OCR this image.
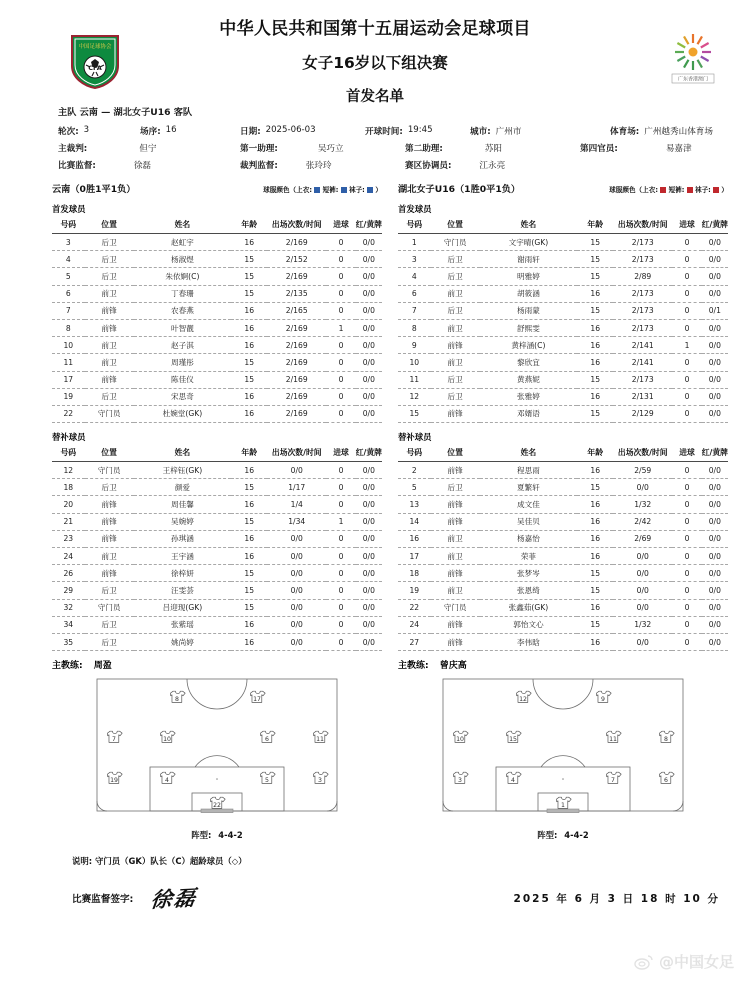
中国足球协会
CFA
广东香港澳门
中华人民共和国第十五届运动会足球项目
女子16岁以下组决赛
首发名单
主队 云南 — 湖北女子U16 客队
轮次: 3	场序: 16	日期: 2025-06-03	开球时间: 19:45	城市: 广州市	体育场: 广州越秀山体育场
主裁判:	但宁	第一助理:	吴巧立	第二助理:	苏阳	第四官员:	易嘉津
比赛监督:	徐磊	裁判监督:	张玲玲	赛区协调员:	江永亮
云南（0胜1平1负）	球服颜色（上衣: 短裤: 袜子: ）
首发球员
号码	位置	姓名	年龄	出场次数/时间	进球	红/黄牌
3	后卫	赵虹宇	16	2/169	0	0/0
4	后卫	杨淑煜	15	2/152	0	0/0
5	后卫	朱依婀(C)	15	2/169	0	0/0
6	前卫	丁春珊	15	2/135	0	0/0
7	前锋	农春燕	16	2/165	0	0/0
8	前锋	叶智靓	16	2/169	1	0/0
10	前卫	赵子淇	16	2/169	0	0/0
11	前卫	周瑾彤	15	2/169	0	0/0
17	前锋	陈佳仪	15	2/169	0	0/0
19	后卫	宋思奇	16	2/169	0	0/0
22	守门员	杜婉堂(GK)	16	2/169	0	0/0
替补球员
号码	位置	姓名	年龄	出场次数/时间	进球	红/黄牌
12	守门员	王梓钰(GK)	16	0/0	0	0/0
18	后卫	颜爱	15	1/17	0	0/0
20	前锋	周佳馨	16	1/4	0	0/0
21	前锋	吴婉婷	15	1/34	1	0/0
23	前锋	孙琪涵	16	0/0	0	0/0
24	前卫	王宇涵	16	0/0	0	0/0
26	前锋	徐梓妍	15	0/0	0	0/0
29	后卫	汪雯荟	15	0/0	0	0/0
32	守门员	吕迎现(GK)	15	0/0	0	0/0
34	后卫	张紫瑶	16	0/0	0	0/0
35	后卫	姚尚婷	16	0/0	0	0/0
主教练: 周盈
湖北女子U16（1胜0平1负）	球服颜色（上衣: 短裤: 袜子: ）
首发球员
号码	位置	姓名	年龄	出场次数/时间	进球	红/黄牌
1	守门员	文宇晴(GK)	15	2/173	0	0/0
3	后卫	谢雨轩	15	2/173	0	0/0
4	后卫	明雅婷	15	2/89	0	0/0
6	前卫	胡筱涵	16	2/173	0	0/0
7	后卫	杨雨蒙	15	2/173	0	0/1
8	前卫	舒熙雯	16	2/173	0	0/0
9	前锋	黄梓涵(C)	16	2/141	1	0/0
10	前卫	黎欣宜	16	2/141	0	0/0
11	后卫	黄燕妮	15	2/173	0	0/0
12	后卫	张雅婷	16	2/131	0	0/0
15	前锋	邓婿语	15	2/129	0	0/0
替补球员
号码	位置	姓名	年龄	出场次数/时间	进球	红/黄牌
2	前锋	程思雨	16	2/59	0	0/0
5	后卫	夏繁轩	15	0/0	0	0/0
13	前锋	成文佳	16	1/32	0	0/0
14	前锋	吴佳贝	16	2/42	0	0/0
16	前卫	杨嘉怡	16	2/69	0	0/0
17	前卫	荣菲	16	0/0	0	0/0
18	前锋	张梦岑	15	0/0	0	0/0
19	前卫	张恩绮	15	0/0	0	0/0
22	守门员	张鑫茹(GK)	16	0/0	0	0/0
24	前锋	郭怡文心	15	1/32	0	0/0
27	前锋	李伟晗	16	0/0	0	0/0
主教练: 曾庆高
8	17
7	10	6	11
19	4	5	3
22
阵型: 4-4-2
12	9
10	15	11	8
3	4	7	6
1
阵型: 4-4-2
说明: 守门员（GK）队长（C）超龄球员（◇）
比赛监督签字: 徐磊	2025 年 6 月 3 日 18 时 10 分
@中国女足
